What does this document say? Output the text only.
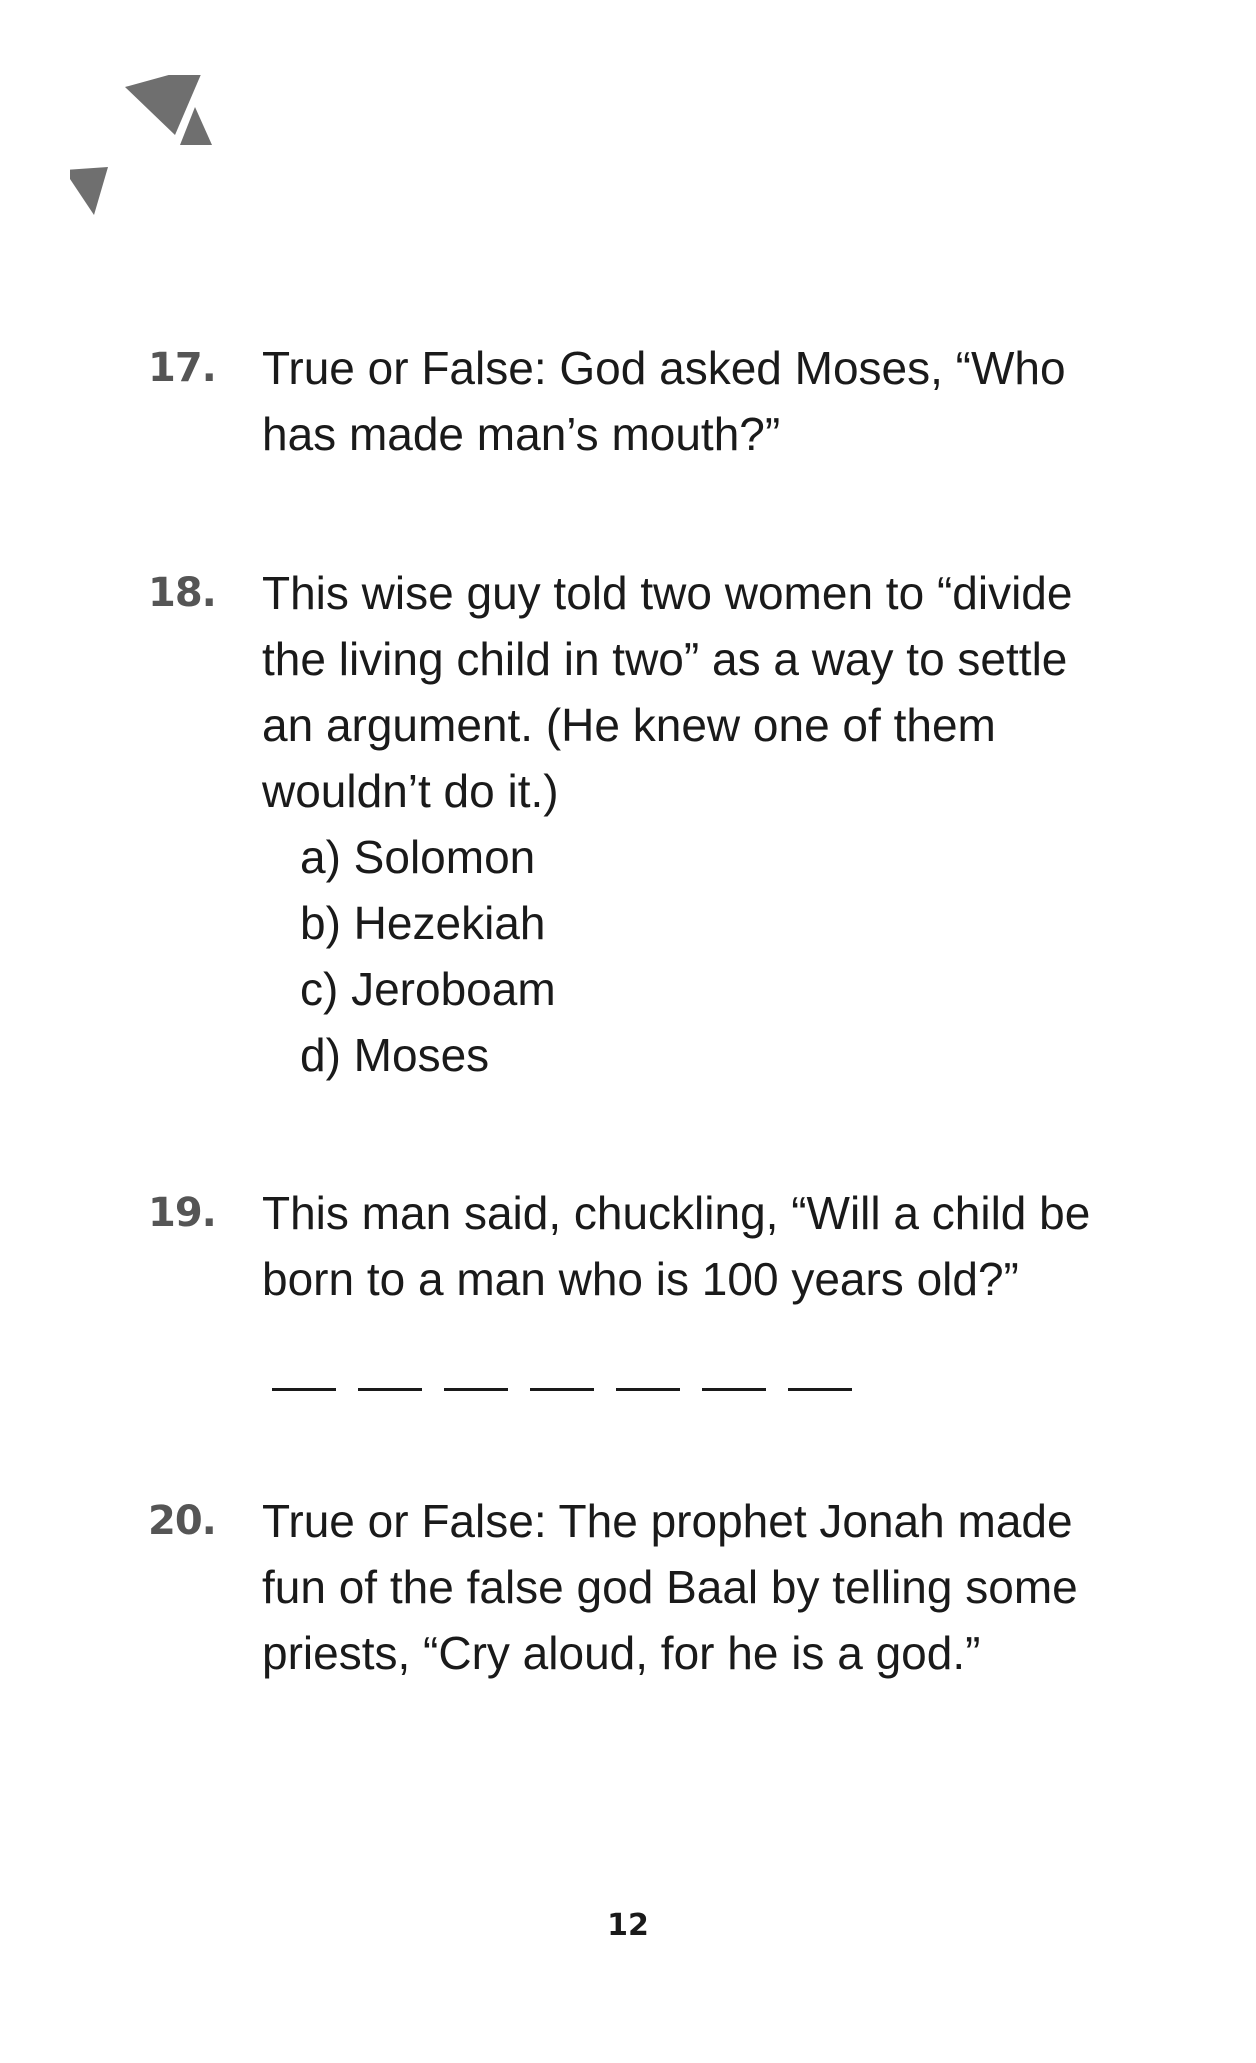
17. True or False: God asked Moses, “Who has made man’s mouth?”

18. This wise guy told two women to “divide the living child in two” as a way to settle an argument. (He knew one of them wouldn’t do it.)

a) Solomon
b) Hezekiah
c) Jeroboam
d) Moses
19. This man said, chuckling, “Will a child be born to a man who is 100 years old?”

20. True or False: The prophet Jonah made fun of the false god Baal by telling some priests, “Cry aloud, for he is a god.”

12
